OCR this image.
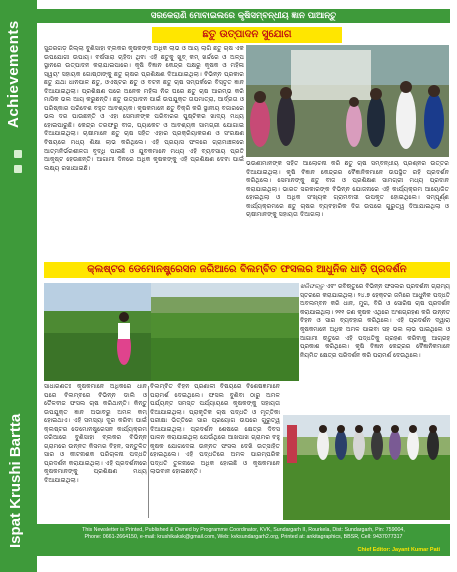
Achievements
Ispat Krushi Bartta
ସରକେରାଣି ମୋବାଇଲରେ କୃଷିସମ୍ବନ୍ଧୀୟ ଜ୍ଞାନ ପାଆନ୍ତୁ
ଛତୁ ଉତ୍ପାଦନ ସୁଯୋଗ
ସୁନ୍ଦରଗଡ଼ ଜିଲ୍ଲା ବୁଣିସାହା ବ୍ଲକର କୃଷକଙ୍କ ଅଧିକ ଲାଭ ଓ ଆୟ ଲାଗି ଛତୁ ଚାଷ ଏକ ଉପଯୋଗୀ ଉପାୟ। ବର୍ଷସାରା ଚାହିଦା ଥିବା ଏହି ଛତୁକୁ ଖୁବ୍ କମ୍ ଖର୍ଚ୍ଚରେ ଓ ଅଳ୍ପ ସ୍ଥାନରେ ଉତ୍ପାଦନ କରାଯାଇପାରେ। କୃଷି ବିଜ୍ଞାନ କେନ୍ଦ୍ର ପକ୍ଷରୁ କୃଷକ ଓ ମହିଳା ସ୍ୱୟଂ ସହାୟକ ଗୋଷ୍ଠୀଙ୍କୁ ଛତୁ ଚାଷର ପ୍ରଶିକ୍ଷଣ ଦିଆଯାଇଥିଲା। ବିଭିନ୍ନ ପ୍ରକାର ଛତୁ ଯଥା ଧାନପାଳ ଛତୁ, ଓଏଷ୍ଟର ଛତୁ ଓ ବଟନ ଛତୁ ଚାଷ ସମ୍ପର୍କରେ ବିସ୍ତୃତ ଜ୍ଞାନ ଦିଆଯାଇଥିଲା। ପ୍ରଶିକ୍ଷଣ ପରେ ଅନେକ ମହିଳା ନିଜ ଘରେ ଛତୁ ଚାଷ ଆରମ୍ଭ କରି ମାସିକ ଭଲ ଆୟ କରୁଛନ୍ତି। ଛତୁ ଉତ୍ପାଦନ ପାଇଁ ଉପଯୁକ୍ତ ତାପମାତ୍ରା, ଆର୍ଦ୍ରତା ଓ ପରିଷ୍କାର ପରିବେଶ ବହୁତ ଆବଶ୍ୟକ। କୃଷକମାନେ ଛତୁ ବିକ୍ରି କରି ସ୍ଥାନୀୟ ବଜାରରେ ଭଲ ଦର ପାଉଛନ୍ତି ଓ ଏହା ସେମାନଙ୍କ ପରିବାରର ପୁଷ୍ଟିକର ଖାଦ୍ୟ ମଧ୍ୟ ହୋଇପାରୁଛି। କେନ୍ଦ୍ର ତରଫରୁ ବୀଜ, ପ୍ୟାକେଟ ଓ ଆବଶ୍ୟକ ସାମଗ୍ରୀ ଯୋଗାଇ ଦିଆଯାଇଥିଲା। ଚାଷୀମାନେ ଛତୁ ଚାଷ ସହିତ ଏହାର ପ୍ରକ୍ରିୟାକରଣ ଓ ସଂରକ୍ଷଣ ବିଷୟରେ ମଧ୍ୟ ଶିକ୍ଷା ଲାଭ କରିଥିଲେ। ଏହି ପ୍ରୟାସ ଫଳରେ ଗ୍ରାମାଞ୍ଚଳରେ ଆତ୍ମନିର୍ଭରଶୀଳତା ବୃଦ୍ଧି ପାଇଛି ଓ ଯୁବକମାନେ ମଧ୍ୟ ଏହି ବ୍ୟବସାୟ ପ୍ରତି ଆକୃଷ୍ଟ ହେଉଛନ୍ତି। ଆଗାମୀ ଦିନରେ ଅଧିକ କୃଷକଙ୍କୁ ଏହି ପ୍ରଶିକ୍ଷଣ ଦେବା ପାଇଁ ଲକ୍ଷ୍ୟ ରଖାଯାଇଛି।
ଭଉଣୀମାନଙ୍କ ସହିତ ଆଲୋଚନା କରି ଛତୁ ଚାଷ ସମ୍ବନ୍ଧୀୟ ପ୍ରଶ୍ନର ଉତ୍ତର ଦିଆଯାଇଥିଲା। କୃଷି ବିଜ୍ଞାନ କେନ୍ଦ୍ରର ବୈଜ୍ଞାନିକମାନେ ଉପସ୍ଥିତ ରହି ପ୍ରଦର୍ଶନ କରିଥିଲେ। ସେମାନଙ୍କୁ ଛତୁ ବୀଜ ଓ ପ୍ରଶିକ୍ଷଣ ସାମଗ୍ରୀ ମଧ୍ୟ ପ୍ରଦାନ କରାଯାଇଥିଲା। ଭାରତ ସରକାରଙ୍କ ବିଭିନ୍ନ ଯୋଜନାରେ ଏହି କାର୍ଯ୍ୟକ୍ରମ ଆୟୋଜିତ ହୋଇଥିଲା ଓ ଅଧିକ ସଂଖ୍ୟକ ଗ୍ରାମବାସୀ ଉପକୃତ ହୋଇଥିଲେ। ସମ୍ପୂର୍ଣ୍ଣ କାର୍ଯ୍ୟକ୍ରମରେ ଛତୁ ଚାଷର ବ୍ୟବହାରିକ ଦିଗ ଉପରେ ଗୁରୁତ୍ୱ ଦିଆଯାଇଥିଲା ଓ ଚାଷୀମାନଙ୍କୁ ସହାୟତା ଦିଆଗଲା।
କ୍ଲଷ୍ଟର ଡେମୋନଷ୍ଟ୍ରେସନ ଜରିଆରେ ବିଲମ୍ବିତ ଫସଲର ଆଧୁନିକ ଧାଡ଼ି ପ୍ରଦର୍ଶନ
ଖରିଫଋତୁ ଏବଂ ରବିଋତୁରେ ବିଭିନ୍ନ ଫସଲର ପ୍ରଦର୍ଶନୀ ଗ୍ରାମ୍ୟ ସ୍ତରରେ କରାଯାଇଥିଲା। ୨୪.୭ ହେକ୍ଟର ଜମିରେ ଆଧୁନିକ ପଦ୍ଧତି ଅବଲମ୍ବନ କରି ଧାନ, ମୁଗ, ବିରି ଓ ସୋରିଷ ଚାଷ ପ୍ରଦର୍ଶନ କରାଯାଇଥିଲା। ୨୧୧ ଜଣ କୃଷକ ଏଥିରେ ଅଂଶଗ୍ରହଣ କରି ଉନ୍ନତ ବିହନ ଓ ସାର ବ୍ୟବହାର କରିଥିଲେ। ଏହି ପ୍ରଦର୍ଶନ ଦ୍ୱାରା କୃଷକମାନେ ଅଧିକ ଅମଳ ପାଇବା ସହ ଭଲ ଲାଭ ପାଇଥିଲେ ଓ ଆଗାମୀ ଋତୁରେ ଏହି ପଦ୍ଧତିକୁ ଗ୍ରହଣ କରିବାକୁ ଆଗ୍ରହ ପ୍ରକାଶ କରିଥିଲେ। କୃଷି ବିଜ୍ଞାନ କେନ୍ଦ୍ରର ବୈଜ୍ଞାନିକମାନେ ନିୟମିତ କ୍ଷେତ୍ର ପରିଦର୍ଶନ କରି ପରାମର୍ଶ ଦେଉଥିଲେ।
ସାଧାରଣତଃ କୃଷକମାନେ ଅଧିକରେ ଧାନ ପରେ ବିଲମ୍ବରେ ବିଭିନ୍ନ ଡାଲି ଓ ତୈଳବୀଜ ଫସଲ ଚାଷ କରିଥାନ୍ତି। କିନ୍ତୁ ଉପଯୁକ୍ତ ଜ୍ଞାନ ଅଭାବରୁ ଅମଳ କମ୍ ହୋଇଥାଏ। ଏହି ସମସ୍ୟା ଦୂର କରିବା ପାଇଁ କ୍ଲଷ୍ଟର ଡେମୋନଷ୍ଟ୍ରେସନ କାର୍ଯ୍ୟକ୍ରମ ଜରିଆରେ ବୁଣିସାହା ବ୍ଲକର ବିଭିନ୍ନ ଗ୍ରାମରେ ଉନ୍ନତ କିସମର ବିହନ, ସନ୍ତୁଳିତ ସାର ଓ କୀଟନାଶକ ପରିଚାଳନା ପଦ୍ଧତି ପ୍ରଦର୍ଶନ କରାଯାଇଥିଲା। ଏହି ପ୍ରଦର୍ଶନୀରେ କୃଷକମାନଙ୍କୁ ପ୍ରଶିକ୍ଷଣ ମଧ୍ୟ ଦିଆଯାଇଥିଲା।
ବିଲମ୍ବିତ ବିହନ ପ୍ରଣାଳୀ ବିଷୟରେ ବିଶେଷଜ୍ଞମାନେ ପରାମର୍ଶ ଦେଇଥିଲେ। ଫସଲ ବୁଣିବା ଠାରୁ ଅମଳ ପର୍ଯ୍ୟନ୍ତ ସମସ୍ତ ପର୍ଯ୍ୟାୟରେ କୃଷକଙ୍କୁ ସହାୟତା ଦିଆଯାଇଥିଲା। ପ୍ରାକୃତିକ ଚାଷ ପଦ୍ଧତି ଓ ମୃତ୍ତିକା ପରୀକ୍ଷା ଭିତ୍ତିରେ ସାର ପ୍ରୟୋଗ ଉପରେ ଗୁରୁତ୍ୱ ଦିଆଯାଇଥିଲା। ପ୍ରଦର୍ଶନ ଶେଷରେ କ୍ଷେତ୍ର ଦିବସ ପାଳନ କରାଯାଇଥିଲା ଯେଉଁଥିରେ ଆଖପାଖ ଗ୍ରାମର ବହୁ କୃଷକ ଯୋଗଦେଇ ଉନ୍ନତ ଫସଲ ଦେଖି ଉତ୍ସାହିତ ହୋଇଥିଲେ। ଏହି ପଦ୍ଧତିରେ ଅମଳ ପାରମ୍ପରିକ ପଦ୍ଧତି ତୁଳନାରେ ଅଧିକ ହୋଇଛି ଓ କୃଷକମାନେ ଲାଭବାନ ହୋଇଛନ୍ତି।
This Newsletter is Printed, Published & Owned by Programme Coordinator, KVK, Sundargarh II, Rourkela, Dist: Sundargarh, Pin: 759004,
Phone: 0661-2664150, e-mail: krushikaksk@gmail.com, Web: kvksundargarh2.org, Printed at: ankitagraphics, BBSR, Cell: 9437077317
Chief Editor: Jayant Kumar Pati
